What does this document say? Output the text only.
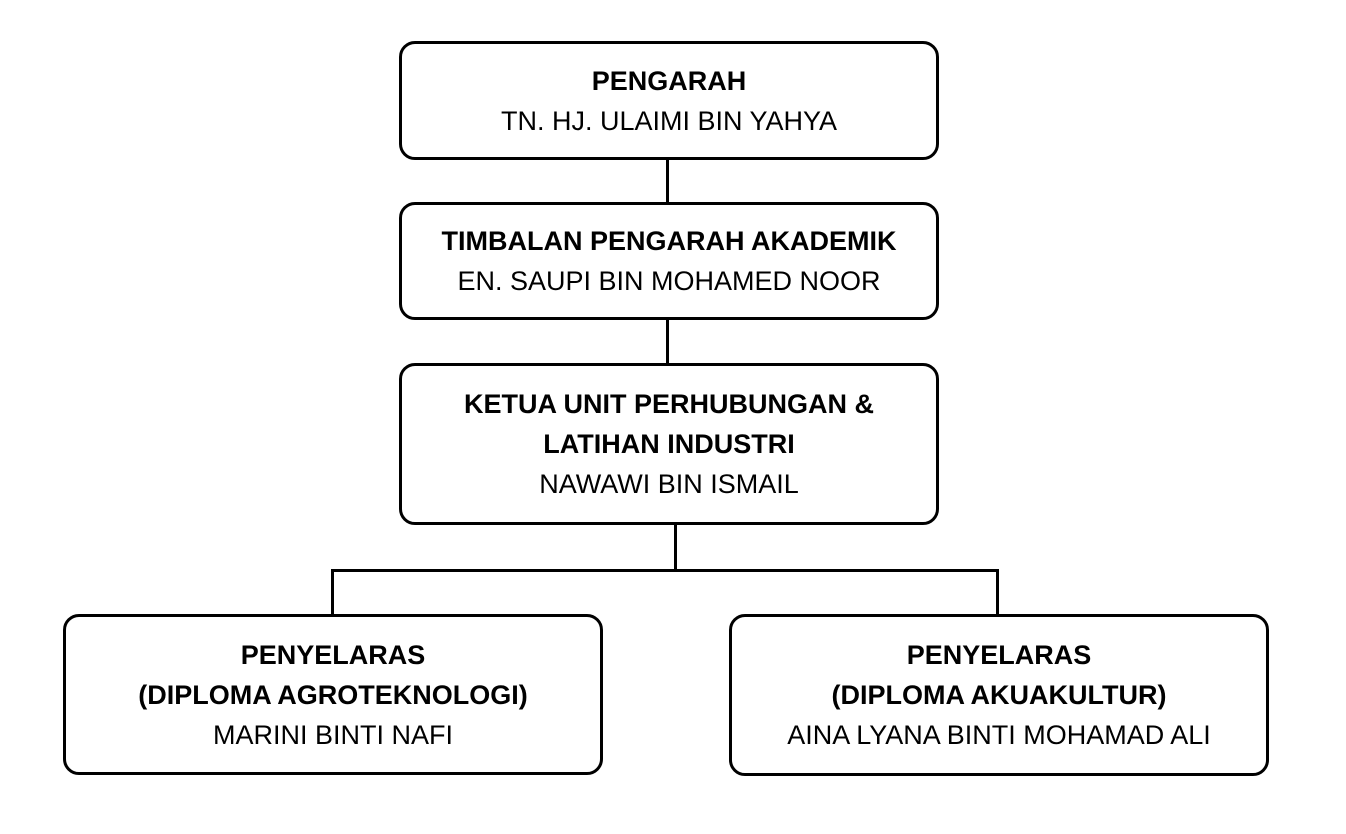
PENGARAH
TN. HJ. ULAIMI BIN YAHYA
TIMBALAN PENGARAH AKADEMIK
EN. SAUPI BIN MOHAMED NOOR
KETUA UNIT PERHUBUNGAN &
LATIHAN INDUSTRI
NAWAWI BIN ISMAIL
PENYELARAS
(DIPLOMA AGROTEKNOLOGI)
MARINI BINTI NAFI
PENYELARAS
(DIPLOMA AKUAKULTUR)
AINA LYANA BINTI MOHAMAD ALI
